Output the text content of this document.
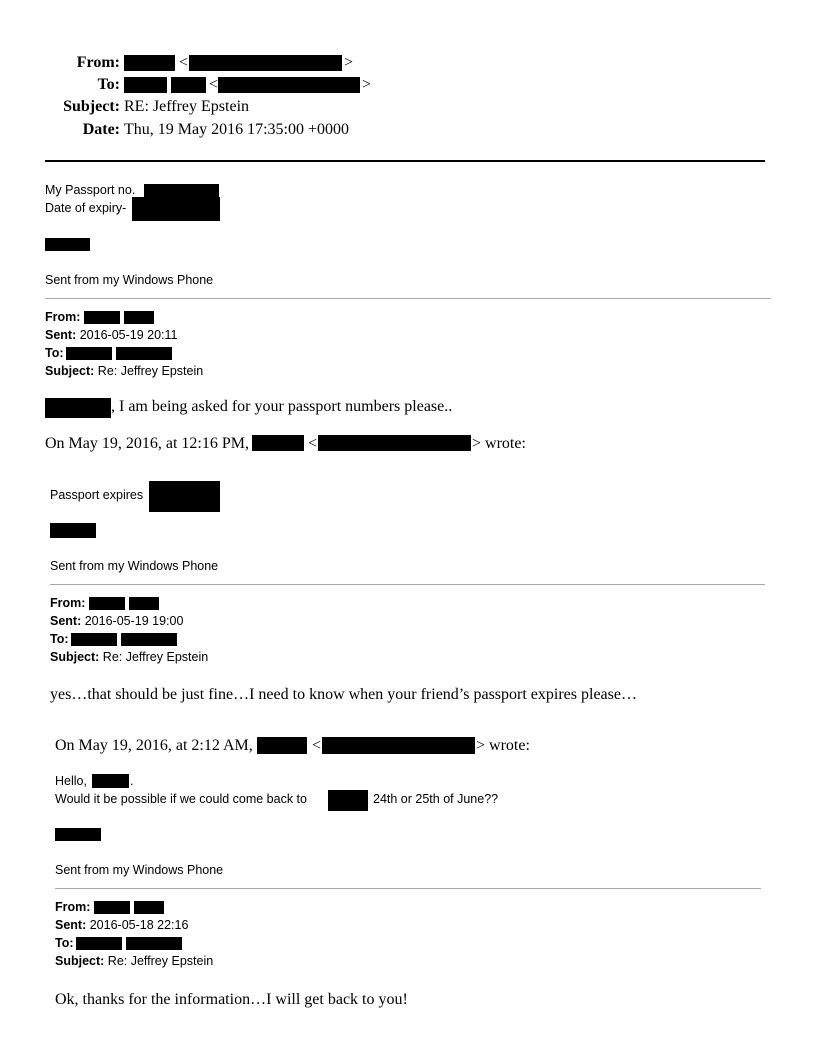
From:	<	>
To:	<	>
Subject: RE: Jeffrey Epstein
Date: Thu, 19 May 2016 17:35:00 +0000
My Passport no.
Date of expiry-
Sent from my Windows Phone
From:
Sent: 2016-05-19 20:11
To:
Subject: Re: Jeffrey Epstein
, I am being asked for your passport numbers please..
On May 19, 2016, at 12:16 PM,	<	> wrote:
Passport expires
Sent from my Windows Phone
From:
Sent: 2016-05-19 19:00
To:
Subject: Re: Jeffrey Epstein
yes…that should be just fine…I need to know when your friend’s passport expires please…
On May 19, 2016, at 2:12 AM,	<	> wrote:
Hello,	.
Would it be possible if we could come back to	24th or 25th of June??
Sent from my Windows Phone
From:
Sent: 2016-05-18 22:16
To:
Subject: Re: Jeffrey Epstein
Ok, thanks for the information…I will get back to you!
